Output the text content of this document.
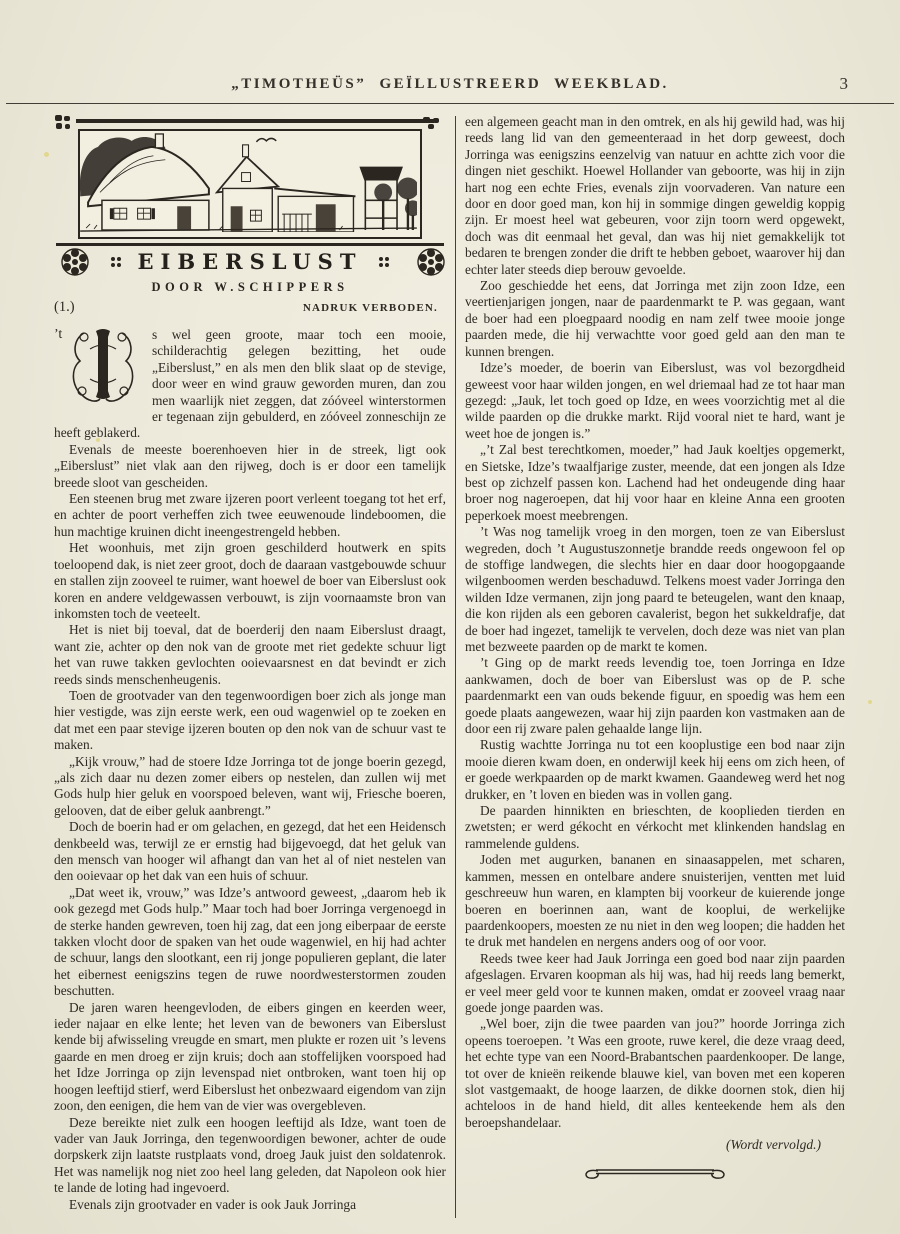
„TIMOTHEÜS” GEÏLLUSTREERD WEEKBLAD.	3
EIBERSLUST
DOOR W.SCHIPPERS
(1.)	NADRUK VERBODEN.

’t	s wel geen groote, maar toch een mooie, schilderachtig gelegen bezitting, het oude „Eiberslust,” en als men den blik slaat op de stevige, door weer en wind grauw geworden muren, dan zou men waarlijk niet zeggen, dat zóóveel winterstormen er tegenaan zijn gebulderd, en zóóveel zonneschijn ze heeft geblakerd.

Evenals de meeste boerenhoeven hier in de streek, ligt ook „Eiberslust” niet vlak aan den rijweg, doch is er door een tamelijk breede sloot van gescheiden.

Een steenen brug met zware ijzeren poort verleent toegang tot het erf, en achter de poort verheffen zich twee eeuwenoude lindeboomen, die hun machtige kruinen dicht ineengestrengeld hebben.

Het woonhuis, met zijn groen geschilderd houtwerk en spits toeloopend dak, is niet zeer groot, doch de daaraan vastgebouwde schuur en stallen zijn zooveel te ruimer, want hoewel de boer van Eiberslust ook koren en andere veldgewassen verbouwt, is zijn voornaamste bron van inkomsten toch de veeteelt.

Het is niet bij toeval, dat de boerderij den naam Eiberslust draagt, want zie, achter op den nok van de groote met riet gedekte schuur ligt het van ruwe takken gevlochten ooievaarsnest en dat bevindt er zich reeds sinds menschenheugenis.

Toen de grootvader van den tegenwoordigen boer zich als jonge man hier vestigde, was zijn eerste werk, een oud wagenwiel op te zoeken en dat met een paar stevige ijzeren bouten op den nok van de schuur vast te maken.

„Kijk vrouw,” had de stoere Idze Jorringa tot de jonge boerin gezegd, „als zich daar nu dezen zomer eibers op nestelen, dan zullen wij met Gods hulp hier geluk en voorspoed beleven, want wij, Friesche boeren, gelooven, dat de eiber geluk aanbrengt.”

Doch de boerin had er om gelachen, en gezegd, dat het een Heidensch denkbeeld was, terwijl ze er ernstig had bijgevoegd, dat het geluk van den mensch van hooger wil afhangt dan van het al of niet nestelen van den ooievaar op het dak van een huis of schuur.

„Dat weet ik, vrouw,” was Idze’s antwoord geweest, „daarom heb ik ook gezegd met Gods hulp.” Maar toch had boer Jorringa vergenoegd in de sterke handen gewreven, toen hij zag, dat een jong eiberpaar de eerste takken vlocht door de spaken van het oude wagenwiel, en hij had achter de schuur, langs den slootkant, een rij jonge populieren geplant, die later het eibernest eenigszins tegen de ruwe noordwesterstormen zouden beschutten.

De jaren waren heengevloden, de eibers gingen en keerden weer, ieder najaar en elke lente; het leven van de bewoners van Eiberslust kende bij afwisseling vreugde en smart, men plukte er rozen uit ’s levens gaarde en men droeg er zijn kruis; doch aan stoffelijken voorspoed had het Idze Jorringa op zijn levenspad niet ontbroken, want toen hij op hoogen leeftijd stierf, werd Eiberslust het onbezwaard eigendom van zijn zoon, den eenigen, die hem van de vier was overgebleven.

Deze bereikte niet zulk een hoogen leeftijd als Idze, want toen de vader van Jauk Jorringa, den tegenwoordigen bewoner, achter de oude dorpskerk zijn laatste rustplaats vond, droeg Jauk juist den soldatenrok. Het was namelijk nog niet zoo heel lang geleden, dat Napoleon ook hier te lande de loting had ingevoerd.

Evenals zijn grootvader en vader is ook Jauk Jorringa

een algemeen geacht man in den omtrek, en als hij gewild had, was hij reeds lang lid van den gemeenteraad in het dorp geweest, doch Jorringa was eenigszins eenzelvig van natuur en achtte zich voor die dingen niet geschikt. Hoewel Hollander van geboorte, was hij in zijn hart nog een echte Fries, evenals zijn voorvaderen. Van nature een door en door goed man, kon hij in sommige dingen geweldig koppig zijn. Er moest heel wat gebeuren, voor zijn toorn werd opgewekt, doch was dit eenmaal het geval, dan was hij niet gemakkelijk tot bedaren te brengen zonder die drift te hebben geboet, waarover hij dan echter later steeds diep berouw gevoelde.

Zoo geschiedde het eens, dat Jorringa met zijn zoon Idze, een veertienjarigen jongen, naar de paardenmarkt te P. was gegaan, want de boer had een ploegpaard noodig en nam zelf twee mooie jonge paarden mede, die hij verwachtte voor goed geld aan den man te kunnen brengen.

Idze’s moeder, de boerin van Eiberslust, was vol bezorgdheid geweest voor haar wilden jongen, en wel driemaal had ze tot haar man gezegd: „Jauk, let toch goed op Idze, en wees voorzichtig met al die wilde paarden op die drukke markt. Rijd vooral niet te hard, want je weet hoe de jongen is.”

„’t Zal best terechtkomen, moeder,” had Jauk koeltjes opgemerkt, en Sietske, Idze’s twaalfjarige zuster, meende, dat een jongen als Idze best op zichzelf passen kon. Lachend had het ondeugende ding haar broer nog nageroepen, dat hij voor haar en kleine Anna een grooten peperkoek moest meebrengen.

’t Was nog tamelijk vroeg in den morgen, toen ze van Eiberslust wegreden, doch ’t Augustuszonnetje brandde reeds ongewoon fel op de stoffige landwegen, die slechts hier en daar door hoogopgaande wilgenboomen werden beschaduwd. Telkens moest vader Jorringa den wilden Idze vermanen, zijn jong paard te beteugelen, want den knaap, die kon rijden als een geboren cavalerist, begon het sukkeldrafje, dat de boer had ingezet, tamelijk te vervelen, doch deze was niet van plan met bezweete paarden op de markt te komen.

’t Ging op de markt reeds levendig toe, toen Jorringa en Idze aankwamen, doch de boer van Eiberslust was op de P. sche paardenmarkt een van ouds bekende figuur, en spoedig was hem een goede plaats aangewezen, waar hij zijn paarden kon vastmaken aan de door een rij zware palen gehaalde lange lijn.

Rustig wachtte Jorringa nu tot een kooplustige een bod naar zijn mooie dieren kwam doen, en onderwijl keek hij eens om zich heen, of er goede werkpaarden op de markt kwamen. Gaandeweg werd het nog drukker, en ’t loven en bieden was in vollen gang.

De paarden hinnikten en brieschten, de kooplieden tierden en zwetsten; er werd gékocht en vérkocht met klinkenden handslag en rammelende guldens.

Joden met augurken, bananen en sinaasappelen, met scharen, kammen, messen en ontelbare andere snuisterijen, ventten met luid geschreeuw hun waren, en klampten bij voorkeur de kuierende jonge boeren en boerinnen aan, want de kooplui, de werkelijke paardenkoopers, moesten ze nu niet in den weg loopen; die hadden het te druk met handelen en nergens anders oog of oor voor.

Reeds twee keer had Jauk Jorringa een goed bod naar zijn paarden afgeslagen. Ervaren koopman als hij was, had hij reeds lang bemerkt, er veel meer geld voor te kunnen maken, omdat er zooveel vraag naar goede jonge paarden was.

„Wel boer, zijn die twee paarden van jou?” hoorde Jorringa zich opeens toeroepen. ’t Was een groote, ruwe kerel, die deze vraag deed, het echte type van een Noord-Brabantschen paardenkooper. De lange, tot over de knieën reikende blauwe kiel, van boven met een koperen slot vastgemaakt, de hooge laarzen, de dikke doornen stok, dien hij achteloos in de hand hield, dit alles kenteekende hem als den beroepshandelaar.

(Wordt vervolgd.)
